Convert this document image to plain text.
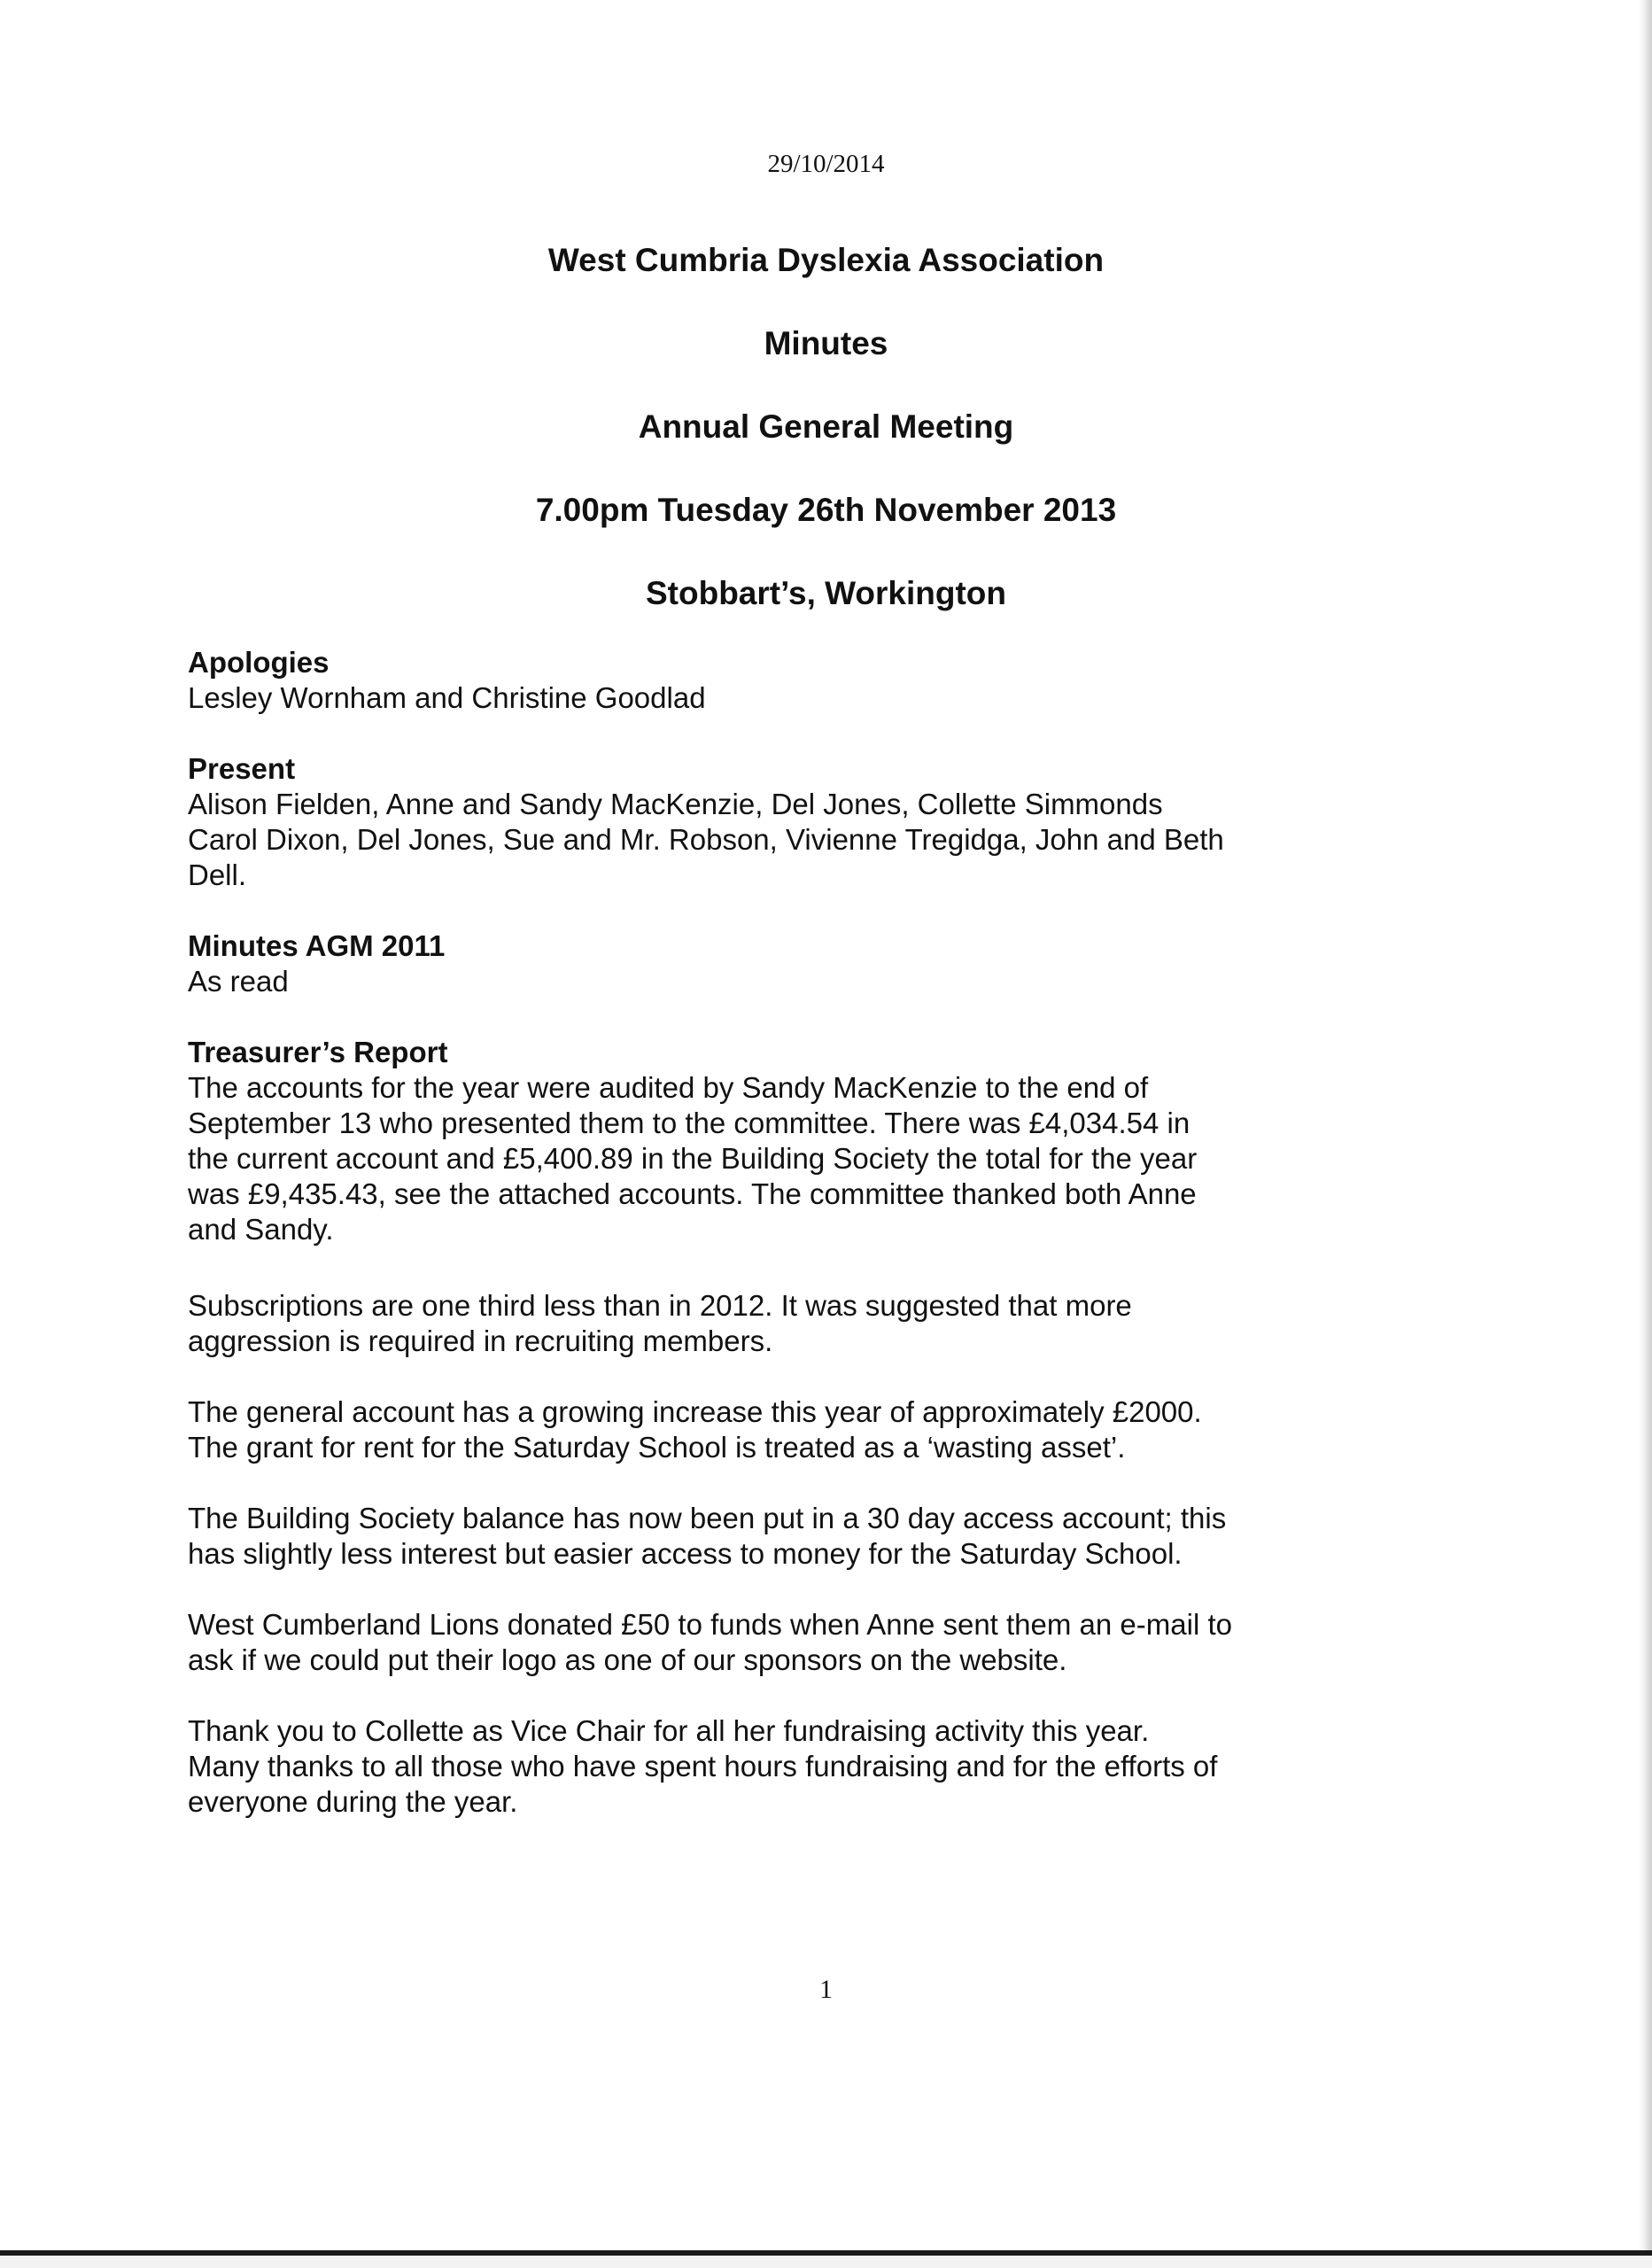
29/10/2014
West Cumbria Dyslexia Association
Minutes
Annual General Meeting
7.00pm Tuesday 26th November 2013
Stobbart’s, Workington

Apologies

Lesley Wornham and Christine Goodlad

Present

Alison Fielden, Anne and Sandy MacKenzie, Del Jones, Collette Simmonds

Carol Dixon, Del Jones, Sue and Mr. Robson, Vivienne Tregidga, John and Beth

Dell.

Minutes AGM 2011

As read

Treasurer’s Report

The accounts for the year were audited by Sandy MacKenzie to the end of

September 13 who presented them to the committee. There was £4,034.54 in

the current account and £5,400.89 in the Building Society the total for the year

was £9,435.43, see the attached accounts. The committee thanked both Anne

and Sandy.

Subscriptions are one third less than in 2012. It was suggested that more

aggression is required in recruiting members.

The general account has a growing increase this year of approximately £2000.

The grant for rent for the Saturday School is treated as a ‘wasting asset’.

The Building Society balance has now been put in a 30 day access account; this

has slightly less interest but easier access to money for the Saturday School.

West Cumberland Lions donated £50 to funds when Anne sent them an e-mail to

ask if we could put their logo as one of our sponsors on the website.

Thank you to Collette as Vice Chair for all her fundraising activity this year.

Many thanks to all those who have spent hours fundraising and for the efforts of

everyone during the year.

1
